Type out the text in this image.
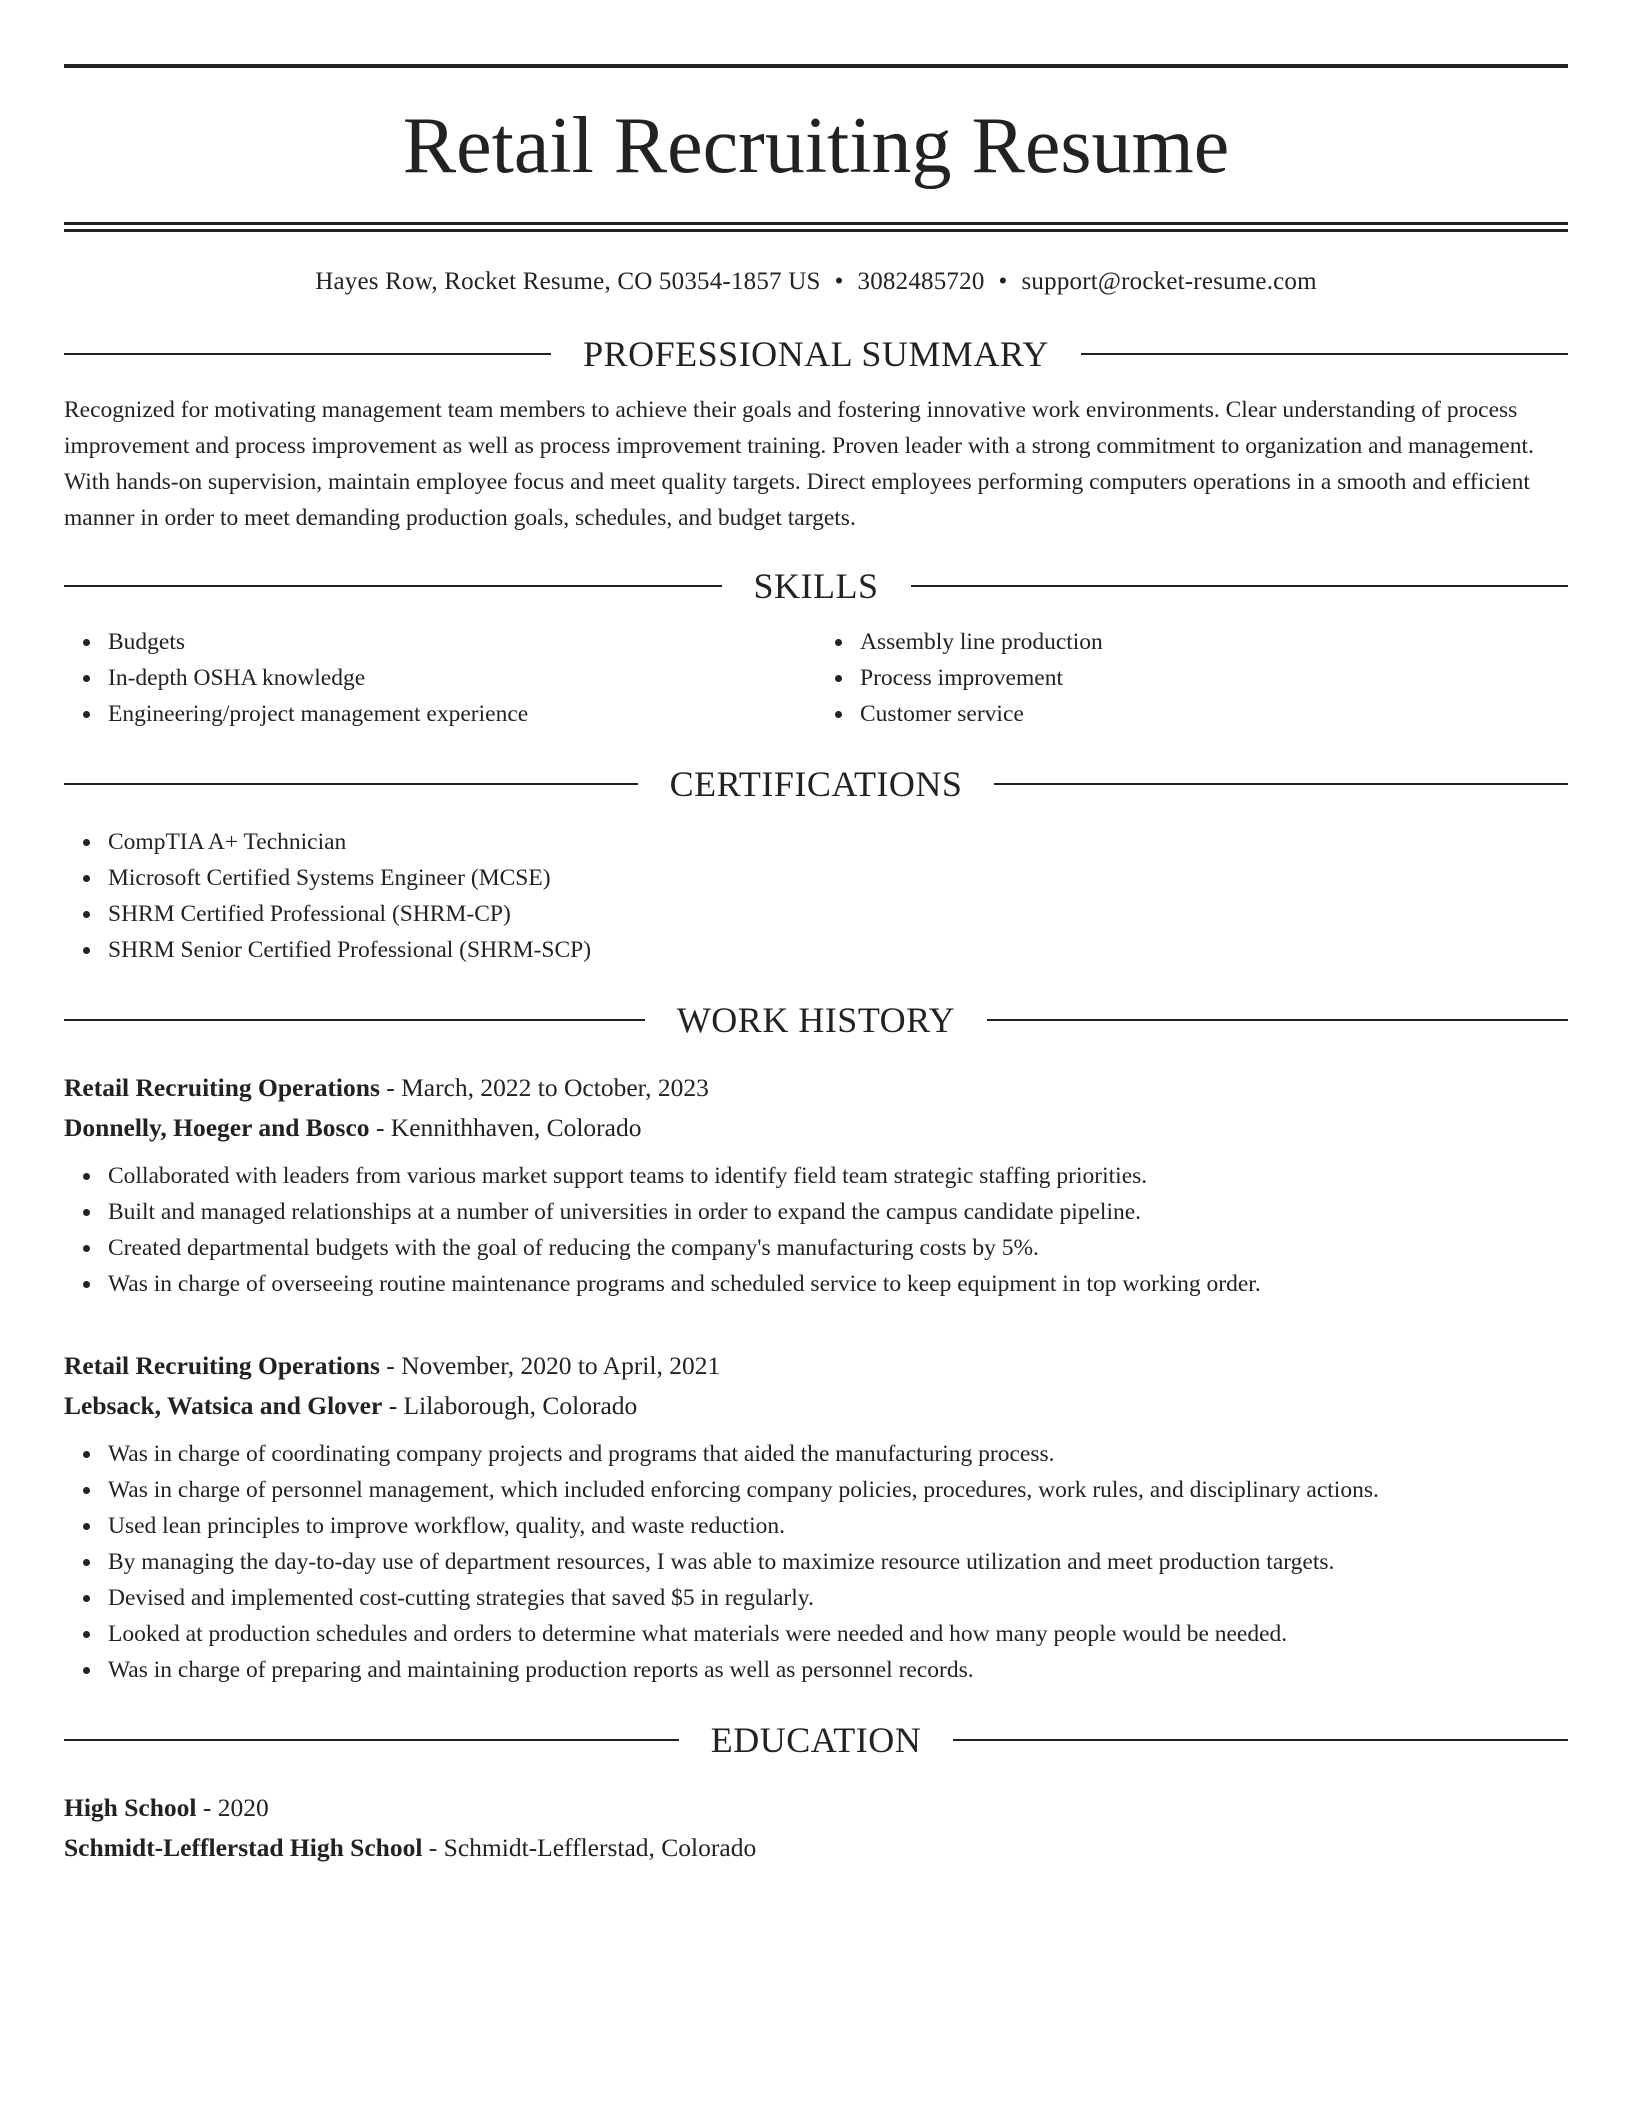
Retail Recruiting Resume
Hayes Row, Rocket Resume, CO 50354-1857 US • 3082485720 • support@rocket-resume.com
PROFESSIONAL SUMMARY
Recognized for motivating management team members to achieve their goals and fostering innovative work environments. Clear understanding of process improvement and process improvement as well as process improvement training. Proven leader with a strong commitment to organization and management. With hands-on supervision, maintain employee focus and meet quality targets. Direct employees performing computers operations in a smooth and efficient manner in order to meet demanding production goals, schedules, and budget targets.
SKILLS
Budgets
In-depth OSHA knowledge
Engineering/project management experience
Assembly line production
Process improvement
Customer service
CERTIFICATIONS
CompTIA A+ Technician
Microsoft Certified Systems Engineer (MCSE)
SHRM Certified Professional (SHRM-CP)
SHRM Senior Certified Professional (SHRM-SCP)
WORK HISTORY
Retail Recruiting Operations - March, 2022 to October, 2023
Donnelly, Hoeger and Bosco - Kennithhaven, Colorado
Collaborated with leaders from various market support teams to identify field team strategic staffing priorities.
Built and managed relationships at a number of universities in order to expand the campus candidate pipeline.
Created departmental budgets with the goal of reducing the company's manufacturing costs by 5%.
Was in charge of overseeing routine maintenance programs and scheduled service to keep equipment in top working order.
Retail Recruiting Operations - November, 2020 to April, 2021
Lebsack, Watsica and Glover - Lilaborough, Colorado
Was in charge of coordinating company projects and programs that aided the manufacturing process.
Was in charge of personnel management, which included enforcing company policies, procedures, work rules, and disciplinary actions.
Used lean principles to improve workflow, quality, and waste reduction.
By managing the day-to-day use of department resources, I was able to maximize resource utilization and meet production targets.
Devised and implemented cost-cutting strategies that saved $5 in regularly.
Looked at production schedules and orders to determine what materials were needed and how many people would be needed.
Was in charge of preparing and maintaining production reports as well as personnel records.
EDUCATION
High School - 2020
Schmidt-Lefflerstad High School - Schmidt-Lefflerstad, Colorado
